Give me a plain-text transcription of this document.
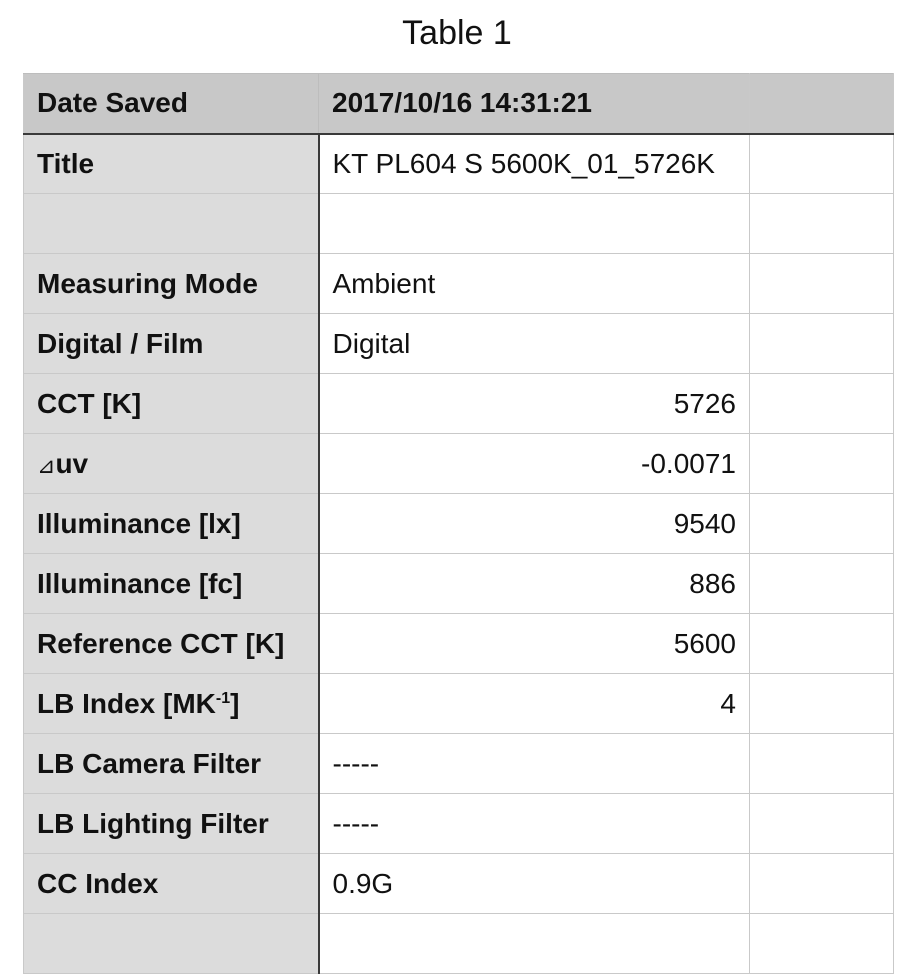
Table 1
Date Saved	2017/10/16 14:31:21	
Title	KT PL604 S 5600K_01_5726K	

Measuring Mode	Ambient	
Digital / Film	Digital	
CCT [K]	5726	
⊿uv	-0.0071	
Illuminance [lx]	9540	
Illuminance [fc]	886	
Reference CCT [K]	5600	
LB Index $[MK^{-1}]$	4	
LB Camera Filter	-----	
LB Lighting Filter	-----	
CC Index	0.9G	
